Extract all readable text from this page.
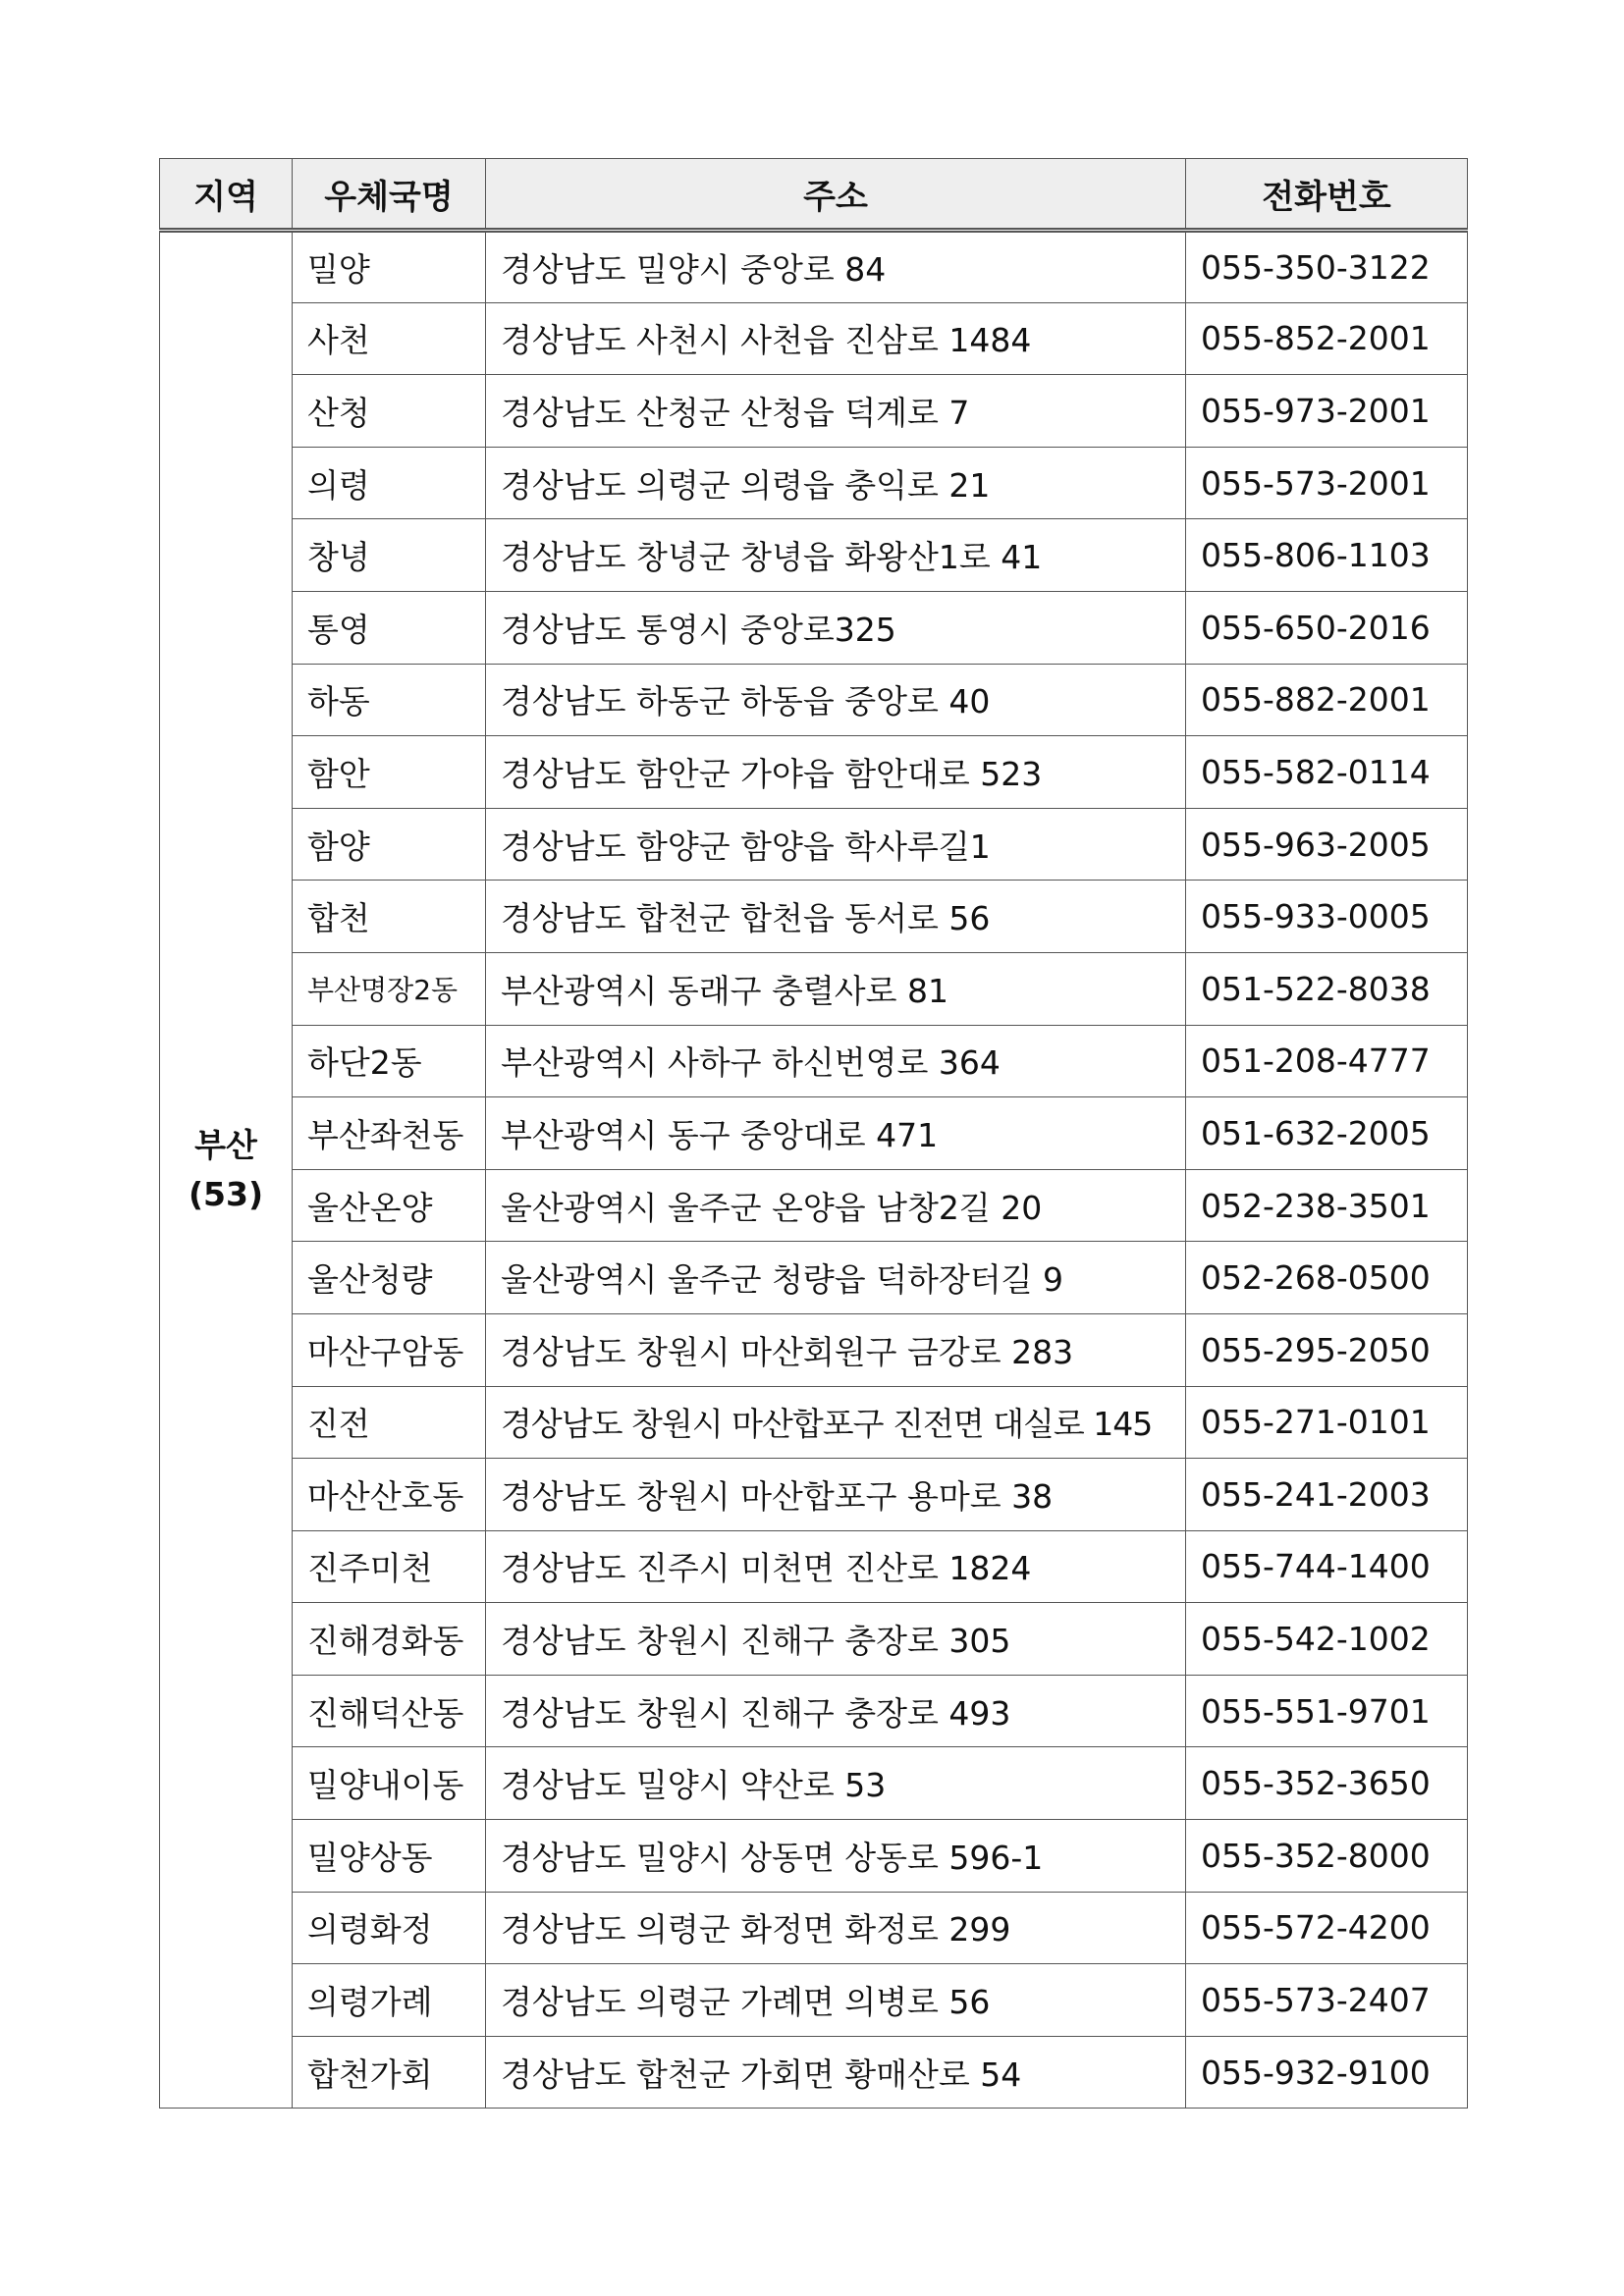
지역	우체국명	주소	전화번호

부산
(53)	밀양	경상남도 밀양시 중앙로 84	055-350-3122
	사천	경상남도 사천시 사천읍 진삼로 1484	055-852-2001
	산청	경상남도 산청군 산청읍 덕계로 7	055-973-2001
	의령	경상남도 의령군 의령읍 충익로 21	055-573-2001
	창녕	경상남도 창녕군 창녕읍 화왕산1로 41	055-806-1103
	통영	경상남도 통영시 중앙로325	055-650-2016
	하동	경상남도 하동군 하동읍 중앙로 40	055-882-2001
	함안	경상남도 함안군 가야읍 함안대로 523	055-582-0114
	함양	경상남도 함양군 함양읍 학사루길1	055-963-2005
	합천	경상남도 합천군 합천읍 동서로 56	055-933-0005
	부산명장2동	부산광역시 동래구 충렬사로 81	051-522-8038
	하단2동	부산광역시 사하구 하신번영로 364	051-208-4777
	부산좌천동	부산광역시 동구 중앙대로 471	051-632-2005
	울산온양	울산광역시 울주군 온양읍 남창2길 20	052-238-3501
	울산청량	울산광역시 울주군 청량읍 덕하장터길 9	052-268-0500
	마산구암동	경상남도 창원시 마산회원구 금강로 283	055-295-2050
	진전	경상남도 창원시 마산합포구 진전면 대실로 145	055-271-0101
	마산산호동	경상남도 창원시 마산합포구 용마로 38	055-241-2003
	진주미천	경상남도 진주시 미천면 진산로 1824	055-744-1400
	진해경화동	경상남도 창원시 진해구 충장로 305	055-542-1002
	진해덕산동	경상남도 창원시 진해구 충장로 493	055-551-9701
	밀양내이동	경상남도 밀양시 약산로 53	055-352-3650
	밀양상동	경상남도 밀양시 상동면 상동로 596-1	055-352-8000
	의령화정	경상남도 의령군 화정면 화정로 299	055-572-4200
	의령가례	경상남도 의령군 가례면 의병로 56	055-573-2407
	합천가회	경상남도 합천군 가회면 황매산로 54	055-932-9100
